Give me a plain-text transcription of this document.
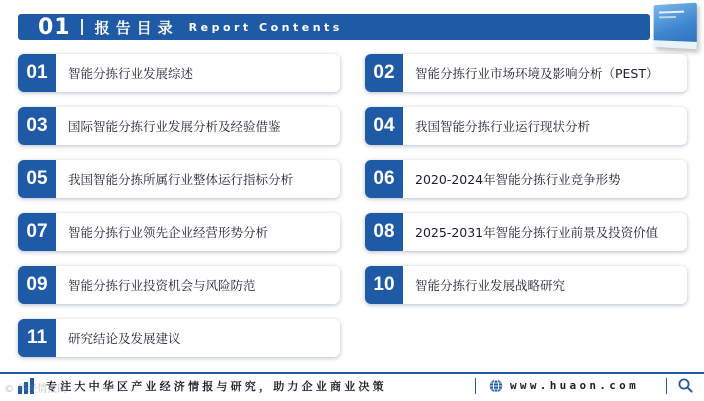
01 报告目录 Report Contents
01	智能分拣行业发展综述	02	智能分拣行业市场环境及影响分析（PEST）
03	国际智能分拣行业发展分析及经验借鉴	04	我国智能分拣行业运行现状分析
05	我国智能分拣所属行业整体运行指标分析	06	2020-2024年智能分拣行业竞争形势
07	智能分拣行业领先企业经营形势分析	08	2025-2031年智能分拣行业前景及投资价值
09	智能分拣行业投资机会与风险防范	10	智能分拣行业发展战略研究
11	研究结论及发展建议
专注大中华区产业经济情报与研究，助力企业商业决策	www.huaon.com
© 华经情报网
